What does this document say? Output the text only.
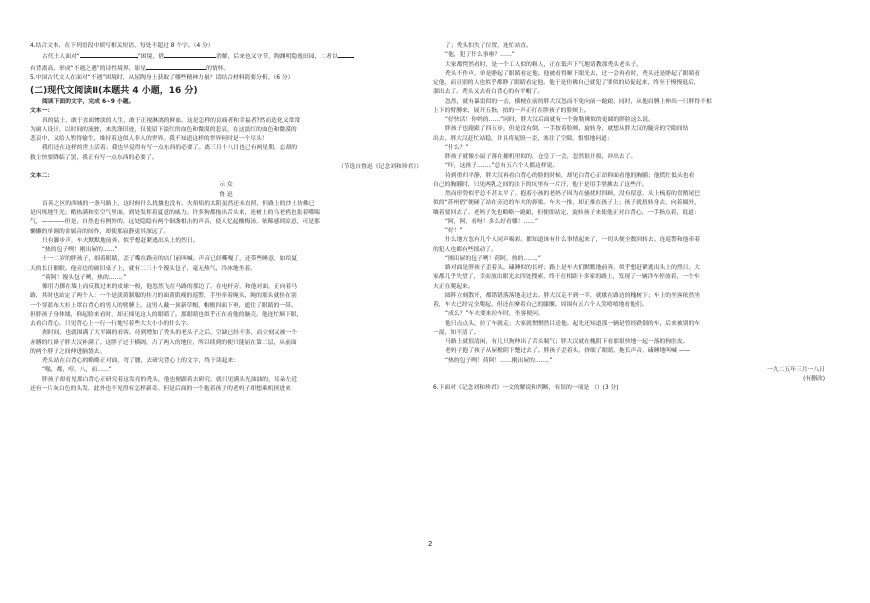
4.结合文本，在下列语段中填写相关短语，每处不超过 8 个字。（4 分）
古代士人面对“	”困境，借	消解，后来也又守节，陶渊明隐逸田园，二者以
有背离高，形成“不遇之遇”的诗性境界，影星	的情怀。
5.中国古代文人在面对“不遇”困境时，从屈陶身上获取了哪些精神力量？请结合材料简要分析。（6 分）
(二)现代文阅读Ⅱ(本题共 4 小题，16 分)
阅读下面的文字，完成 6~9 小题。
文本一：
真的猛士，敢于直面惨淡的人生，敢于正视淋漓的鲜血。这是怎样的哀痛者和幸福者?然而造化又常常
为庸人设计，以时间的流驶，来洗涤旧迹，仅使留下淡红的血色和微漠的悲哀。在这淡红的血色和微漠的
悲哀中，又给人暂得偷生，维持着这似人非人的世界。我不知道这样的世界何时是一个尽头！
我们还在这样的世上活着；我也早觉得有写一点东西的必要了。离三月十八日也已有两星期，忘却的
救主快要降临了罢，我正有写一点东西的必要了。
（节选自鲁迅《记念刘和珍君》）
文本二：
示 众
鲁 迅
首善之区的西城的一条马路上，这时候什么扰攘也没有。火焰焰的太阳虽然还未直照，但路上的沙土仿佛已
是闪烁地生光；酷热满和室空气里面，到处发挥着夏意的威力。许多狗都拖出舌头来，连树上的乌老鸦也张着嘴喘
气，————但是，自然也有例外的。远处隐隐有两个铜盏相击的声音，使人忆起酸梅汤，依稀感到凉意，可是那
懒懒的单调的金属音的间作，却使那寂静更其深远了。
只有脚步声，车夫默默地前奔，似乎想赶紧逃出头上的烈日。
“热的包子咧！刚出屉的……”
十一二岁的胖孩子，细着眼睛，歪了嘴在路旁的店门前叫喊。声音已经嘶嘎了，还带些睡意，如给夏
天的长日催眠。他旁边的破旧桌子上，就有二三十个馒头包子，毫无热气，冷冰地坐着。
“荷阿！馒头包子咧，热的……。”
像用力掷在墙上而反拨过来的皮球一般，他忽然飞在马路的那边了。在电杆旁，和他对面，正向着马
路，其时也站定了两个人：一个是淡黄制服的挂刀的面黄肌瘦的巡警，手里牵着绳头，绳的那头就拴在别
一个穿蓝布大衫上罩白背心的男人的臂膊上。这男人戴一顶新草帽，帽檐四面下垂，遮住了眼睛的一带。
但胖孩子身体矮，仰起脸来看时，却正撞见这人的眼睛了。那眼睛也似乎正在看他的脑壳。他连忙顺下眼，
去看白背心，只见背心上一行一行地写着些大大小小的什么字。
刹时间，也就围满了大半圈的看客。待到增加了秃头的老头子之后，空缺已经不多，而立刻又被一个
赤膊的红鼻子胖大汉补满了。这胖子过于横阔，占了两人的地位，所以续到的便只能屈在第二层，从前面
的两个脖子之间伸进脑袋去。
秃头站在白背心的略略正对面，弯了腰，去研究背心上的文字，终于读起来：
“嗡，都，哼，八，而……”
胖孩子却看见那白背心正研究着这发亮的秃头，他也便跟着去研究，就只见满头光油油的，耳朵左近
还有一片灰白色的头发，此外也不见得有怎样新奇。但是后面的一个抱着孩子的老妈子却想乘机挤进来
了；秃头怕失了位置，连忙站直。
“他，犯了什么事啦？……”
大家都愕然看时，是一个工人似的粗人，正在低声下气地请教那秃头老头子。
秃头不作声，单是睁起了眼睛看定他。他被看得顺下眼光去，过一会再看时，秃头还是睁起了眼睛看
定他，而且别的人也似乎都睁了眼睛看定他。他于是仿佛自己就犯了罪似的局促起来，终至于慢慢退后，
溜出去了。秃头又去看白背心的有平帽了。
忽然，就有暴雷似的一击，横梗在前的胖大汉忽而不免向前一跄踉。同时，从他肩膊上伸出一只胖得不相
上下的臂膊来，展开五指，拍的一声正打在胖孩子的脸颊上。
“好快活！你妈的……”同时，胖大汉后面就有一个弥勒佛似的更圆的胖脸这么说。
胖孩子也跄踉了四五步，但是没有倒，一手按着脸颊，旋转身，就想从胖大汉的腿旁的空隙间钻
出去。胖大汉赶忙站稳，并且将屁股一歪，塞住了空隙，恨恨地问道：
“什么？”
胖孩子就像小鼠子落在捕机里似的，仓皇了一会，忽然很开拔，冲出去了。
“吓，这孩子……。”总有五六个人都这样说。
待到重归平静，胖大汉再看白背心的脸的时候，却见白背心正昂仰面看他的胸脯；他慌忙低头也看
自己的胸脯时，只见两乳之间的洼下的坑里有一片汗，他于是用手掌拂去了这些汗。
然而形势似乎总不甚太平了。抱着小孩的老妈子因为在骚扰时四顾，没有留意，头上梳着的喜鹊尾巴
似的“苏州俏”便碰了站在旁边的车夫的鼻梁。车夫一推，却正推在孩子上；孩子就扭转身去，向着圈外，
嚷着要回去了。老妈子先也略略一跄踉，但便即站定，旋转孩子来使他正对白背心，一手指点着，说道：
“阿，阿，看呀！多么好看哪！……”
“好！”
什么地方忽有几个人同声喝彩。都知道该有什么事情起来了，一切头便全数回转去。连巡警和他牵着
的犯人也都有些摇动了。
“刚出屉的包子咧！荷阿，热的……。”
路对面是胖孩子歪着头，磕睡似的长呼；路上是车夫们默默地前奔，似乎想赶紧逃出头上的烈日。大
家都几乎失望了，幸而放出眼光去四处搜索，终于在相距十多家的路上，发现了一辆洋车停放着，一个车
夫正在爬起来。
圆阵立刻散开，都错错落落地走过去。胖大汉走不到一半，就歇在路边的槐树下；车上的坐客依然坐
着，车夫已经完全爬起，但还在摩着自己的膝髁。周围有五六个人笑嘻嘻地看他们。
“成么？”车夫要来拉车时，坐客便问。
他只点点头，拉了车就走；大家就惘惘然目送他。起先还知道那一辆是曾经跌倒的车，后来被别的车
一混，知不清了。
马路上就很清闲，有几只狗伸出了舌头喘气；胖大汉就在槐阴下看那很快地一起一落的狗肚皮。
老妈子抱了孩子从屋檐阴下蹩过去了。胖孩子歪着头，挤细了眼睛，拖长声音，磕睡地叫喊 ——
“热的包子咧！荷阿！……刚出屉的……。”
一九二五年三月一八日
(有删改)
6.下面对《记念刘和珍君》一文的解说和判断，有误的一项是 （）(3 分)
2
